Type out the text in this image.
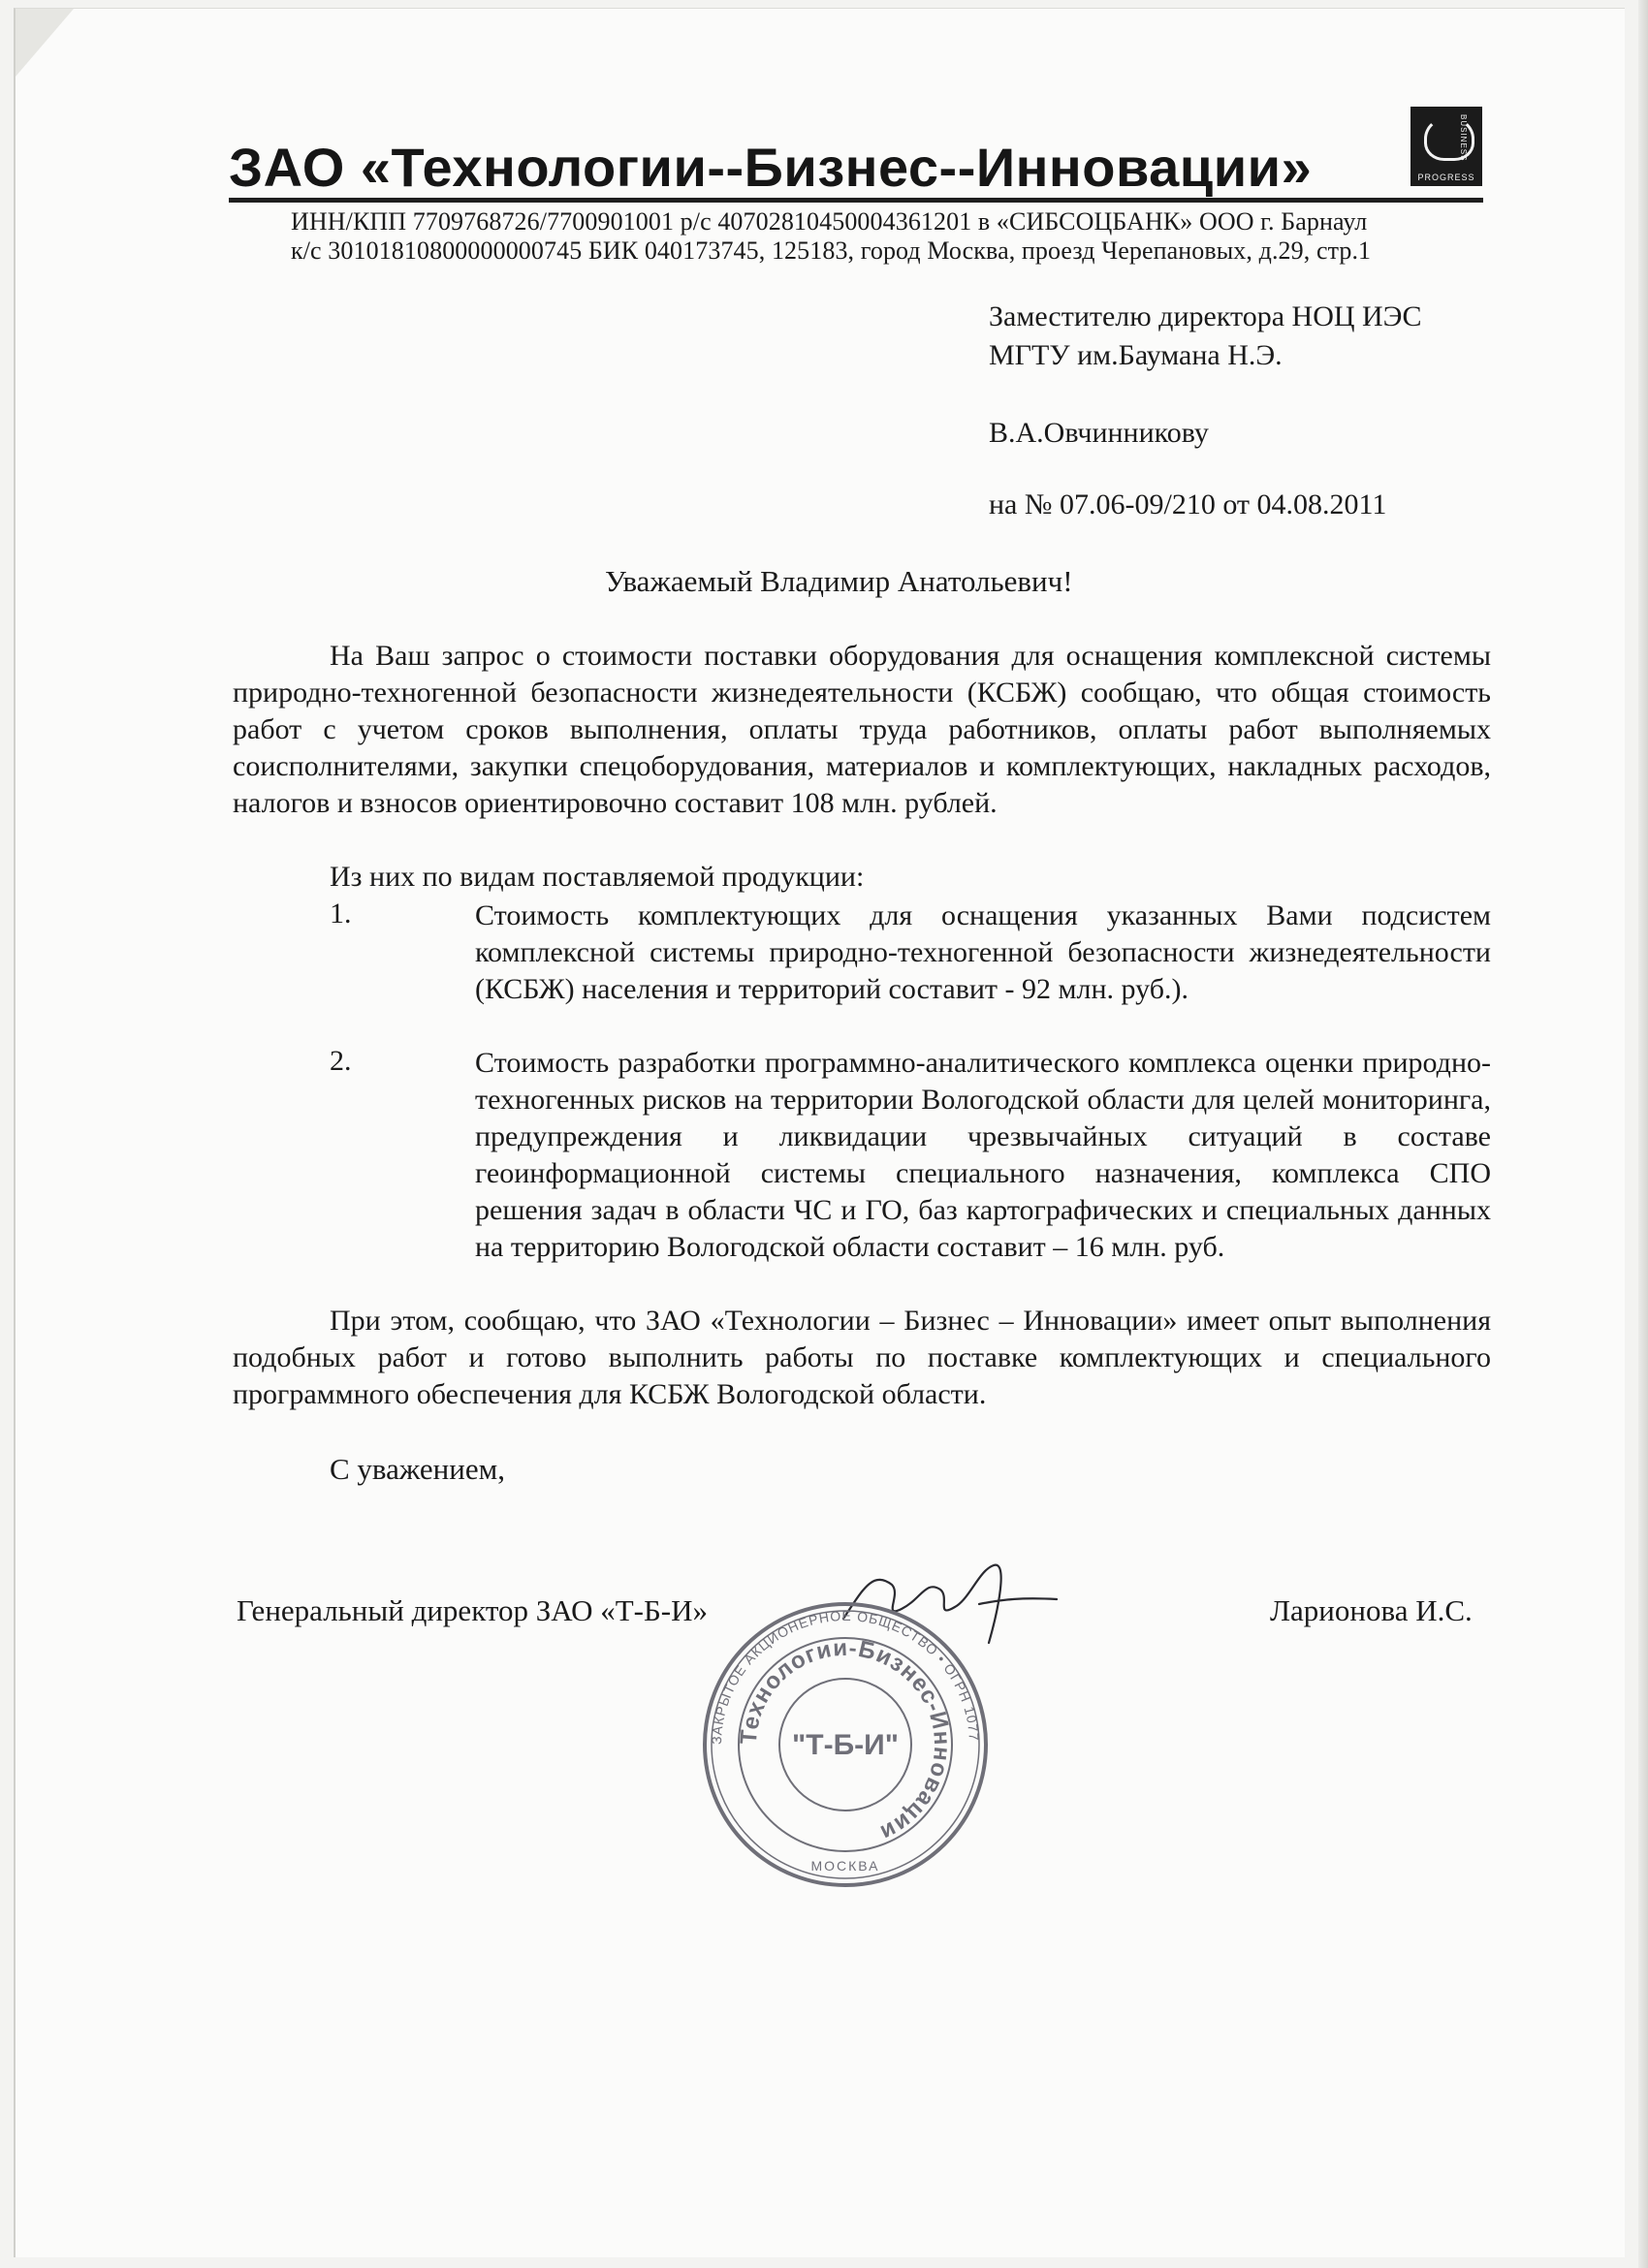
ЗАО «Технологии--Бизнес--Инновации»	BUSINESS
PROGRESS
ИНН/КПП 7709768726/7700901001 р/с 40702810450004361201 в «СИБСОЦБАНК» ООО г. Барнаул
к/с 30101810800000000745 БИК 040173745, 125183, город Москва, проезд Черепановых, д.29, стр.1
Заместителю директора НОЦ ИЭС
МГТУ им.Баумана Н.Э.
В.А.Овчинникову
на № 07.06-09/210 от 04.08.2011
Уважаемый Владимир Анатольевич!
На Ваш запрос о стоимости поставки оборудования для оснащения комплексной системы природно-техногенной безопасности жизнедеятельности (КСБЖ) сообщаю, что общая стоимость работ с учетом сроков выполнения, оплаты труда работников, оплаты работ выполняемых соисполнителями, закупки спецоборудования, материалов и комплектующих, накладных расходов, налогов и взносов ориентировочно составит 108 млн. рублей.
Из них по видам поставляемой продукции:
1.	Стоимость комплектующих для оснащения указанных Вами подсистем комплексной системы природно-техногенной безопасности жизнедеятельности (КСБЖ) населения и территорий составит - 92 млн. руб.).
2.	Стоимость разработки программно-аналитического комплекса оценки природно-техногенных рисков на территории Вологодской области для целей мониторинга, предупреждения и ликвидации чрезвычайных ситуаций в составе геоинформационной системы специального назначения, комплекса СПО решения задач в области ЧС и ГО, баз картографических и специальных данных на территорию Вологодской области составит – 16 млн. руб.
При этом, сообщаю, что ЗАО «Технологии – Бизнес – Инновации» имеет опыт выполнения подобных работ и готово выполнить работы по поставке комплектующих и специального программного обеспечения для КСБЖ Вологодской области.
С уважением,
Генеральный директор ЗАО «Т-Б-И»	Ларионова И.С.
ЗАКРЫТОЕ АКЦИОНЕРНОЕ ОБЩЕСТВО • ОГРН 1077
Технологии-Бизнес-Инновации
"Т-Б-И"
МОСКВА
